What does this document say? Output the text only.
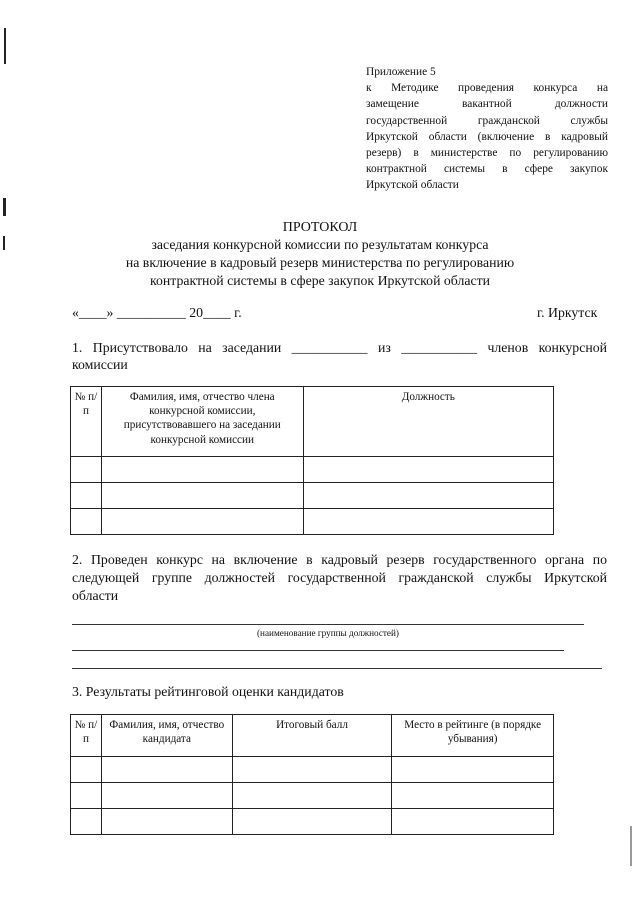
Приложение 5
к Методике проведения конкурса на
замещение вакантной должности
государственной гражданской службы
Иркутской области (включение в кадровый
резерв) в министерстве по регулированию
контрактной системы в сфере закупок
Иркутской области
ПРОТОКОЛ
заседания конкурсной комиссии по результатам конкурса
на включение в кадровый резерв министерства по регулированию
контрактной системы в сфере закупок Иркутской области
«____» __________ 20____ г.	г. Иркутск
1. Присутствовало на заседании ___________ из ___________ членов конкурсной
комиссии
№ п/п	Фамилия, имя, отчество члена конкурсной комиссии, присутствовавшего на заседании конкурсной комиссии	Должность

2. Проведен конкурс на включение в кадровый резерв государственного органа по
следующей группе должностей государственной гражданской службы Иркутской
области
(наименование группы должностей)
3. Результаты рейтинговой оценки кандидатов
№ п/п	Фамилия, имя, отчество кандидата	Итоговый балл	Место в рейтинге (в порядке убывания)
